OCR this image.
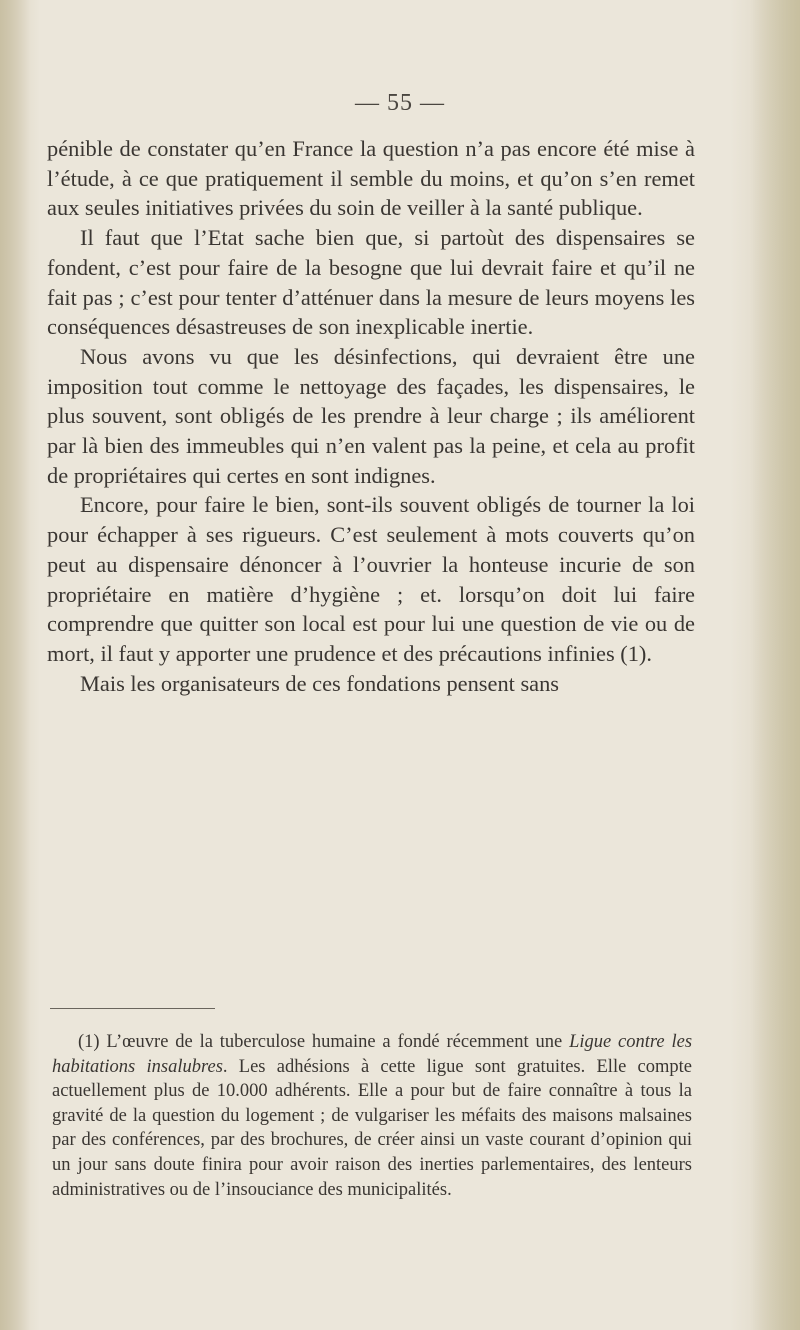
— 55 —

pénible de constater qu’en France la question n’a pas encore été mise à l’étude, à ce que pratiquement il semble du moins, et qu’on s’en remet aux seules initiatives privées du soin de veiller à la santé publique.

Il faut que l’Etat sache bien que, si partoùt des dispensaires se fondent, c’est pour faire de la besogne que lui devrait faire et qu’il ne fait pas ; c’est pour tenter d’atténuer dans la mesure de leurs moyens les conséquences désastreuses de son inexplicable inertie.

Nous avons vu que les désinfections, qui devraient être une imposition tout comme le nettoyage des façades, les dispensaires, le plus souvent, sont obligés de les prendre à leur charge ; ils améliorent par là bien des immeubles qui n’en valent pas la peine, et cela au profit de propriétaires qui certes en sont indignes.

Encore, pour faire le bien, sont-ils souvent obligés de tourner la loi pour échapper à ses rigueurs. C’est seulement à mots couverts qu’on peut au dispensaire dénoncer à l’ouvrier la honteuse incurie de son propriétaire en matière d’hygiène ; et. lorsqu’on doit lui faire comprendre que quitter son local est pour lui une question de vie ou de mort, il faut y apporter une prudence et des précautions infinies (1).

Mais les organisateurs de ces fondations pensent sans

(1) L’œuvre de la tuberculose humaine a fondé récemment une Ligue contre les habitations insalubres. Les adhésions à cette ligue sont gratuites. Elle compte actuellement plus de 10.000 adhérents. Elle a pour but de faire connaître à tous la gravité de la question du logement ; de vulgariser les méfaits des maisons malsaines par des conférences, par des brochures, de créer ainsi un vaste courant d’opinion qui un jour sans doute finira pour avoir raison des inerties parlementaires, des lenteurs administratives ou de l’insouciance des municipalités.
